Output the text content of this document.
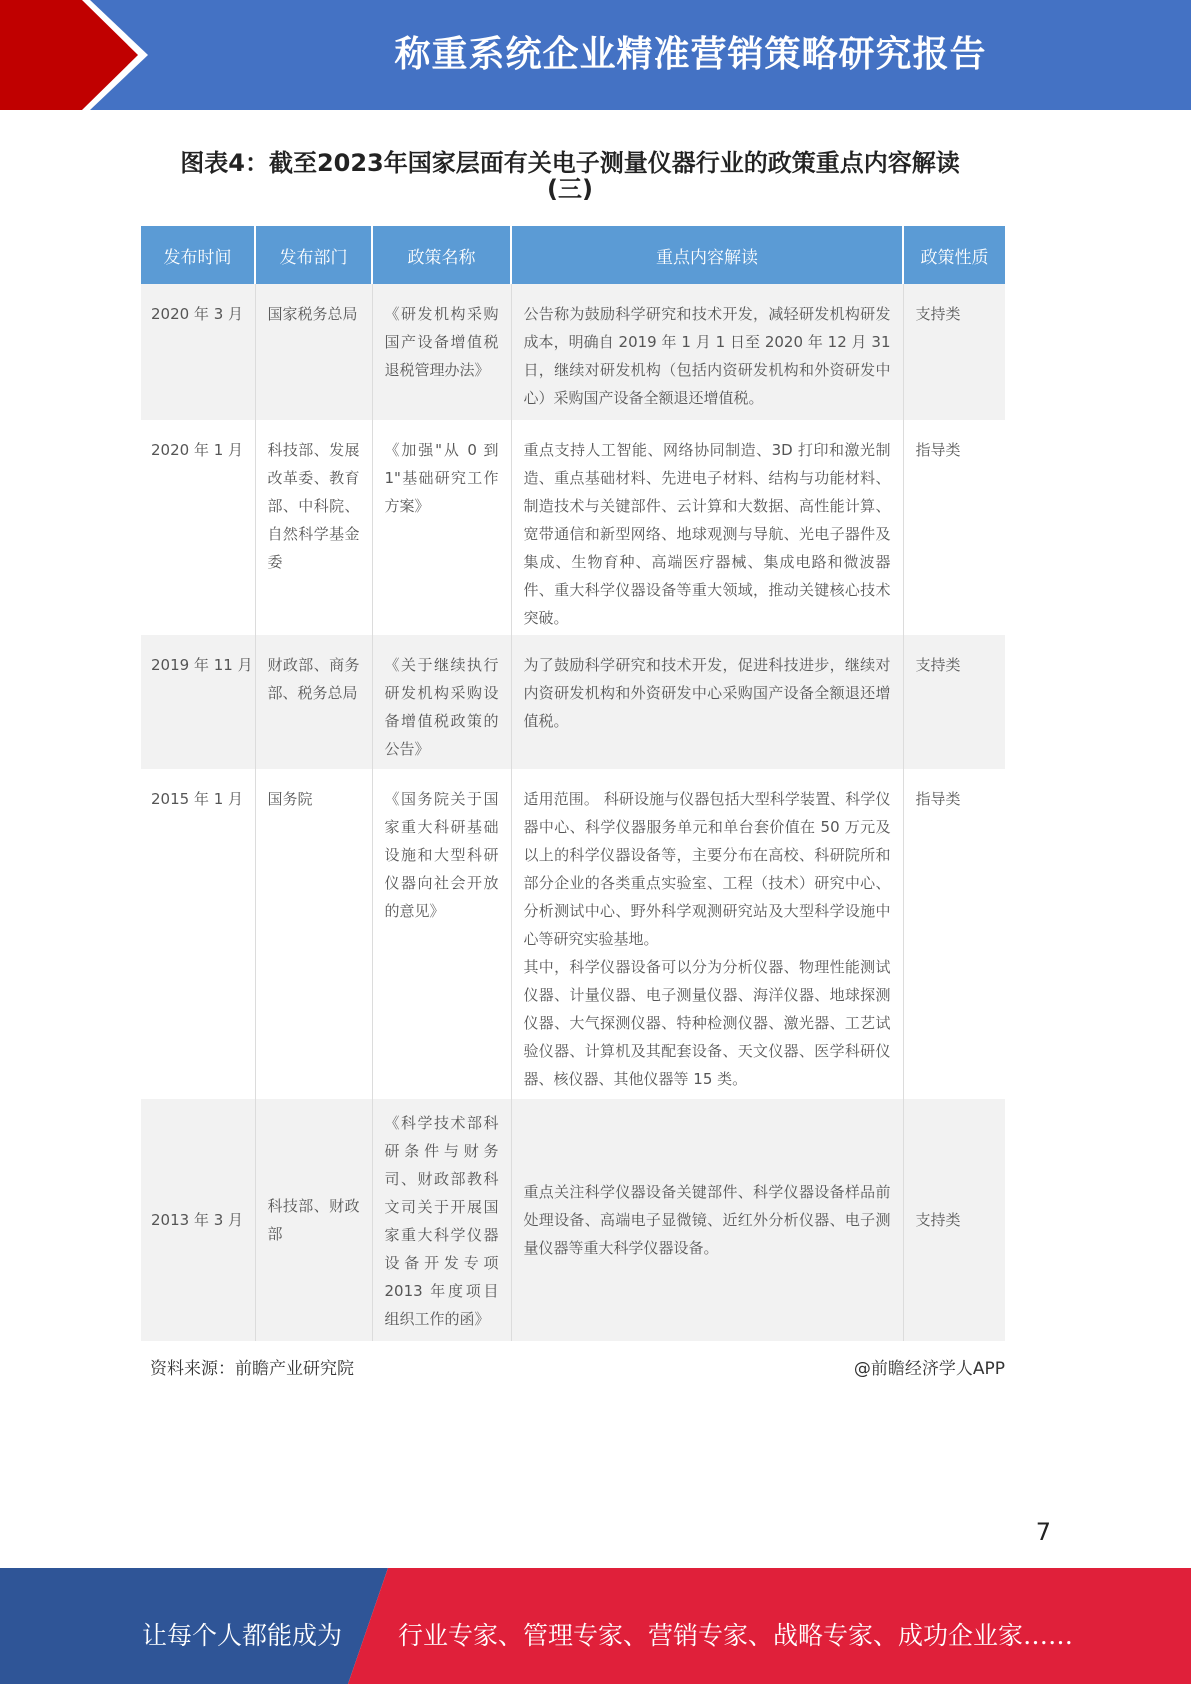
称重系统企业精准营销策略研究报告
图表4：截至2023年国家层面有关电子测量仪器行业的政策重点内容解读
(三)
发布时间	发布部门	政策名称	重点内容解读	政策性质
2020 年 3 月	国家税务总局	《研发机构采购国产设备增值税退税管理办法》	公告称为鼓励科学研究和技术开发，减轻研发机构研发成本，明确自 2019 年 1 月 1 日至 2020 年 12 月 31 日，继续对研发机构（包括内资研发机构和外资研发中心）采购国产设备全额退还增值税。	支持类
2020 年 1 月	科技部、发展改革委、教育部、中科院、自然科学基金委	《加强"从 0 到 1"基础研究工作方案》	重点支持人工智能、网络协同制造、3D 打印和激光制造、重点基础材料、先进电子材料、结构与功能材料、制造技术与关键部件、云计算和大数据、高性能计算、宽带通信和新型网络、地球观测与导航、光电子器件及集成、生物育种、高端医疗器械、集成电路和微波器件、重大科学仪器设备等重大领域，推动关键核心技术突破。	指导类
2019 年 11 月	财政部、商务部、税务总局	《关于继续执行研发机构采购设备增值税政策的公告》	为了鼓励科学研究和技术开发，促进科技进步，继续对内资研发机构和外资研发中心采购国产设备全额退还增值税。	支持类
2015 年 1 月	国务院	《国务院关于国家重大科研基础设施和大型科研仪器向社会开放的意见》	适用范围。 科研设施与仪器包括大型科学装置、科学仪器中心、科学仪器服务单元和单台套价值在 50 万元及以上的科学仪器设备等，主要分布在高校、科研院所和部分企业的各类重点实验室、工程（技术）研究中心、分析测试中心、野外科学观测研究站及大型科学设施中心等研究实验基地。
其中，科学仪器设备可以分为分析仪器、物理性能测试仪器、计量仪器、电子测量仪器、海洋仪器、地球探测仪器、大气探测仪器、特种检测仪器、激光器、工艺试验仪器、计算机及其配套设备、天文仪器、医学科研仪器、核仪器、其他仪器等 15 类。	指导类
2013 年 3 月	科技部、财政部	《科学技术部科研条件与财务司、财政部教科文司关于开展国家重大科学仪器设备开发专项 2013 年度项目组织工作的函》	重点关注科学仪器设备关键部件、科学仪器设备样品前处理设备、高端电子显微镜、近红外分析仪器、电子测量仪器等重大科学仪器设备。	支持类
资料来源：前瞻产业研究院	@前瞻经济学人APP
7
让每个人都能成为 行业专家、管理专家、营销专家、战略专家、成功企业家……
